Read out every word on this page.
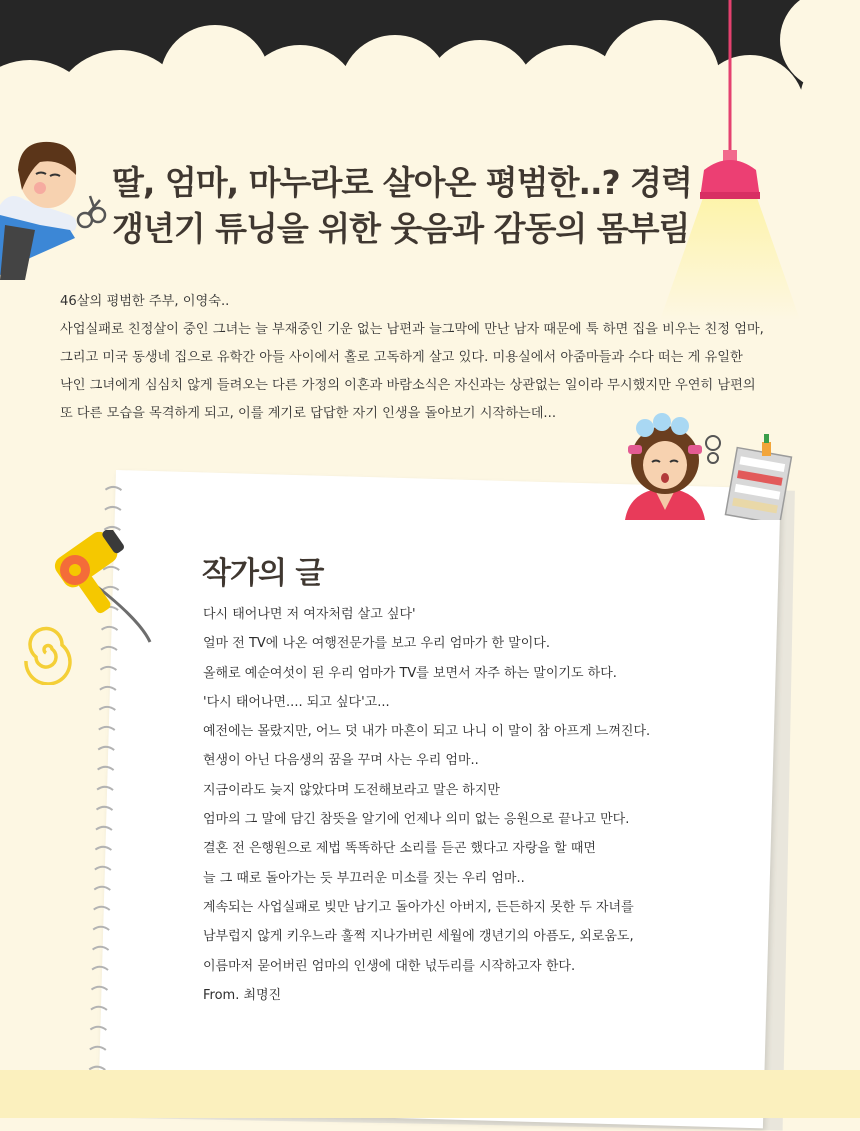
딸, 엄마, 마누라로 살아온 평범한..? 경력
갱년기 튜닝을 위한 웃음과 감동의 몸부림

46살의 평범한 주부, 이영숙..

사업실패로 친정살이 중인 그녀는 늘 부재중인 기운 없는 남편과 늘그막에 만난 남자 때문에 툭 하면 집을 비우는 친정 엄마,

그리고 미국 동생네 집으로 유학간 아들 사이에서 홀로 고독하게 살고 있다. 미용실에서 아줌마들과 수다 떠는 게 유일한

낙인 그녀에게 심심치 않게 들려오는 다른 가정의 이혼과 바람소식은 자신과는 상관없는 일이라 무시했지만 우연히 남편의

또 다른 모습을 목격하게 되고, 이를 계기로 답답한 자기 인생을 돌아보기 시작하는데...

작가의 글

다시 태어나면 저 여자처럼 살고 싶다'

얼마 전 TV에 나온 여행전문가를 보고 우리 엄마가 한 말이다.

올해로 예순여섯이 된 우리 엄마가 TV를 보면서 자주 하는 말이기도 하다.

'다시 태어나면.... 되고 싶다'고...

예전에는 몰랐지만, 어느 덧 내가 마흔이 되고 나니 이 말이 참 아프게 느껴진다.

현생이 아닌 다음생의 꿈을 꾸며 사는 우리 엄마..

지금이라도 늦지 않았다며 도전해보라고 말은 하지만

엄마의 그 말에 담긴 참뜻을 알기에 언제나 의미 없는 응원으로 끝나고 만다.

결혼 전 은행원으로 제법 똑똑하단 소리를 듣곤 했다고 자랑을 할 때면

늘 그 때로 돌아가는 듯 부끄러운 미소를 짓는 우리 엄마..

계속되는 사업실패로 빚만 남기고 돌아가신 아버지, 든든하지 못한 두 자녀를

남부럽지 않게 키우느라 훌쩍 지나가버린 세월에 갱년기의 아픔도, 외로움도,

이름마저 묻어버린 엄마의 인생에 대한 넋두리를 시작하고자 한다.

From. 최명진
